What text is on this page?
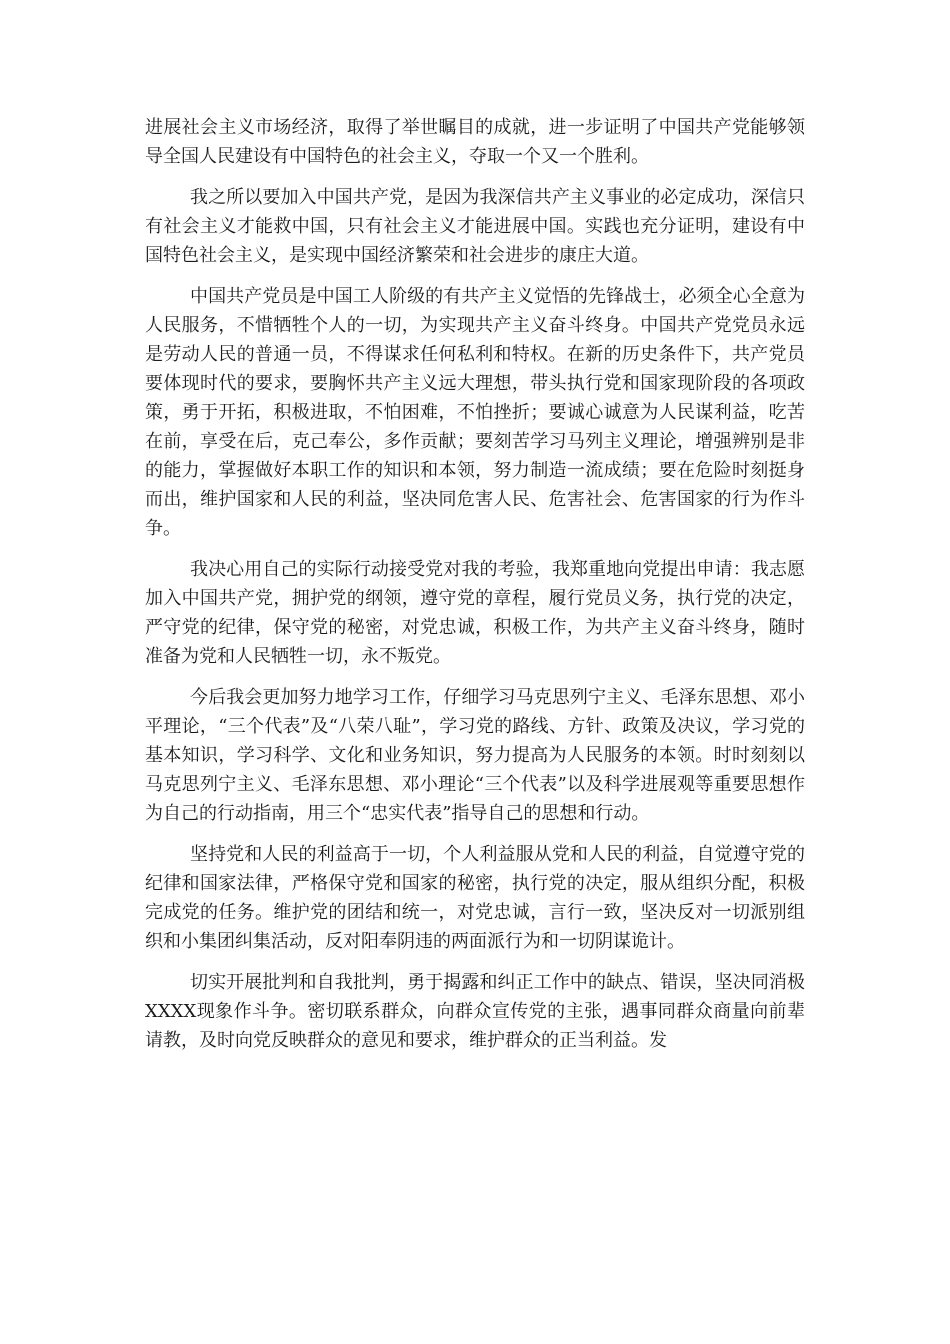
进展社会主义市场经济，取得了举世瞩目的成就，进一步证明了中国共产党能够领导全国人民建设有中国特色的社会主义，夺取一个又一个胜利。

我之所以要加入中国共产党，是因为我深信共产主义事业的必定成功，深信只有社会主义才能救中国，只有社会主义才能进展中国。实践也充分证明，建设有中国特色社会主义，是实现中国经济繁荣和社会进步的康庄大道。

中国共产党员是中国工人阶级的有共产主义觉悟的先锋战士，必须全心全意为人民服务，不惜牺牲个人的一切，为实现共产主义奋斗终身。中国共产党党员永远是劳动人民的普通一员，不得谋求任何私利和特权。在新的历史条件下，共产党员要体现时代的要求，要胸怀共产主义远大理想，带头执行党和国家现阶段的各项政策，勇于开拓，积极进取，不怕困难，不怕挫折；要诚心诚意为人民谋利益，吃苦在前，享受在后，克己奉公，多作贡献；要刻苦学习马列主义理论，增强辨别是非的能力，掌握做好本职工作的知识和本领，努力制造一流成绩；要在危险时刻挺身而出，维护国家和人民的利益，坚决同危害人民、危害社会、危害国家的行为作斗争。

我决心用自己的实际行动接受党对我的考验，我郑重地向党提出申请：我志愿加入中国共产党，拥护党的纲领，遵守党的章程，履行党员义务，执行党的决定，严守党的纪律，保守党的秘密，对党忠诚，积极工作，为共产主义奋斗终身，随时准备为党和人民牺牲一切，永不叛党。

今后我会更加努力地学习工作，仔细学习马克思列宁主义、毛泽东思想、邓小平理论，“三个代表”及“八荣八耻”，学习党的路线、方针、政策及决议，学习党的基本知识，学习科学、文化和业务知识，努力提高为人民服务的本领。时时刻刻以马克思列宁主义、毛泽东思想、邓小理论“三个代表”以及科学进展观等重要思想作为自己的行动指南，用三个“忠实代表”指导自己的思想和行动。

坚持党和人民的利益高于一切，个人利益服从党和人民的利益，自觉遵守党的纪律和国家法律，严格保守党和国家的秘密，执行党的决定，服从组织分配，积极完成党的任务。维护党的团结和统一，对党忠诚，言行一致，坚决反对一切派别组织和小集团纠集活动，反对阳奉阴违的两面派行为和一切阴谋诡计。

切实开展批判和自我批判，勇于揭露和纠正工作中的缺点、错误，坚决同消极XXXX现象作斗争。密切联系群众，向群众宣传党的主张，遇事同群众商量向前辈请教，及时向党反映群众的意见和要求，维护群众的正当利益。发
